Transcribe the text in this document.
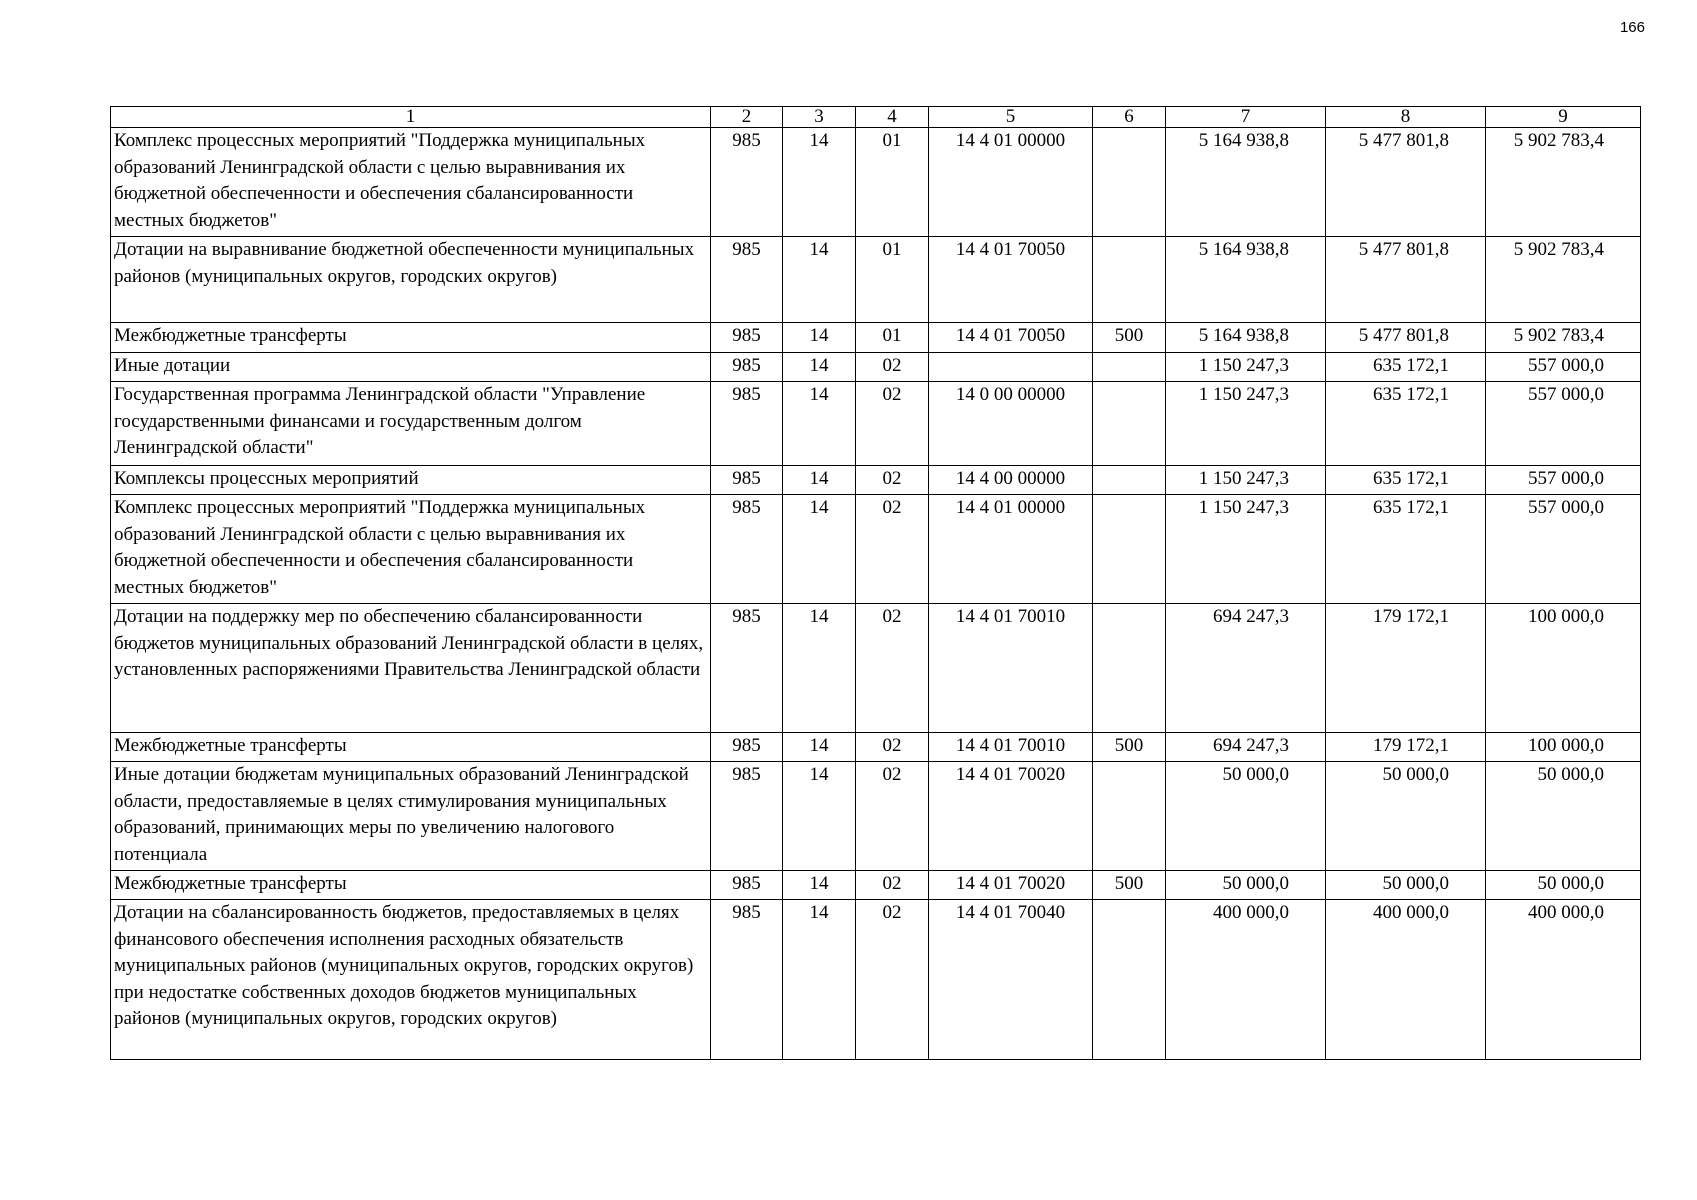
166
1	2	3	4	5	6	7	8	9
Комплекс процессных мероприятий "Поддержка муниципальных образований Ленинградской области с целью выравнивания их бюджетной обеспеченности и обеспечения сбалансированности местных бюджетов"	985	14	01	14 4 01 00000		5 164 938,8	5 477 801,8	5 902 783,4
Дотации на выравнивание бюджетной обеспеченности муниципальных районов (муниципальных округов, городских округов)	985	14	01	14 4 01 70050		5 164 938,8	5 477 801,8	5 902 783,4
Межбюджетные трансферты	985	14	01	14 4 01 70050	500	5 164 938,8	5 477 801,8	5 902 783,4
Иные дотации	985	14	02			1 150 247,3	635 172,1	557 000,0
Государственная программа Ленинградской области "Управление государственными финансами и государственным долгом Ленинградской области"	985	14	02	14 0 00 00000		1 150 247,3	635 172,1	557 000,0
Комплексы процессных мероприятий	985	14	02	14 4 00 00000		1 150 247,3	635 172,1	557 000,0
Комплекс процессных мероприятий "Поддержка муниципальных образований Ленинградской области с целью выравнивания их бюджетной обеспеченности и обеспечения сбалансированности местных бюджетов"	985	14	02	14 4 01 00000		1 150 247,3	635 172,1	557 000,0
Дотации на поддержку мер по обеспечению сбалансированности бюджетов муниципальных образований Ленинградской области в целях, установленных распоряжениями Правительства Ленинградской области	985	14	02	14 4 01 70010		694 247,3	179 172,1	100 000,0
Межбюджетные трансферты	985	14	02	14 4 01 70010	500	694 247,3	179 172,1	100 000,0
Иные дотации бюджетам муниципальных образований Ленинградской области, предоставляемые в целях стимулирования муниципальных образований, принимающих меры по увеличению налогового потенциала	985	14	02	14 4 01 70020		50 000,0	50 000,0	50 000,0
Межбюджетные трансферты	985	14	02	14 4 01 70020	500	50 000,0	50 000,0	50 000,0
Дотации на сбалансированность бюджетов, предоставляемых в целях финансового обеспечения исполнения расходных обязательств муниципальных районов (муниципальных округов, городских округов) при недостатке собственных доходов бюджетов муниципальных районов (муниципальных округов, городских округов)	985	14	02	14 4 01 70040		400 000,0	400 000,0	400 000,0
